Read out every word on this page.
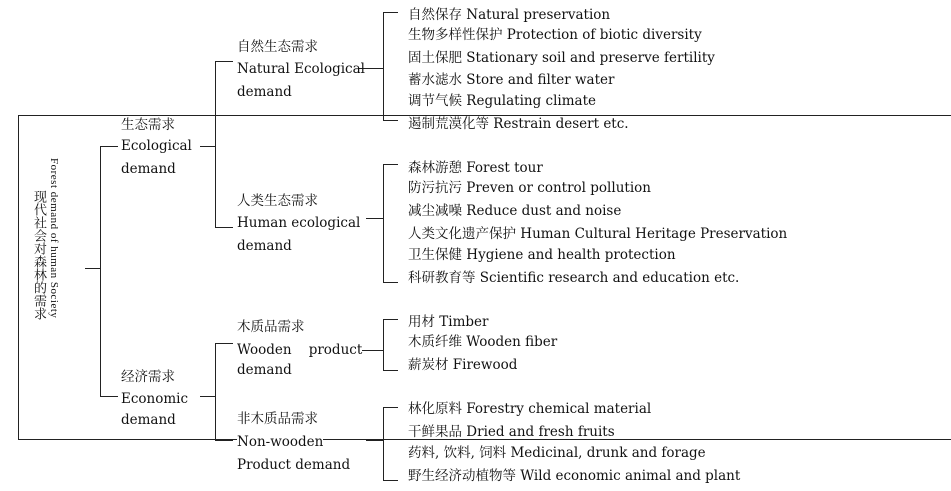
现代社会对森林的需求 Forest demand of human Society
生态需求
Ecological
demand
经济需求
Economic
demand
自然生态需求
Natural Ecological
demand
人类生态需求
Human ecological
demand
木质品需求
Wooden    product
demand
非木质品需求
Non-wooden
Product demand
自然保存 Natural preservation
生物多样性保护 Protection of biotic diversity
固土保肥 Stationary soil and preserve fertility
蓄水滤水 Store and filter water
调节气候 Regulating climate
遏制荒漠化等 Restrain desert etc.
森林游憩 Forest tour
防污抗污 Preven or control pollution
减尘减噪 Reduce dust and noise
人类文化遗产保护 Human Cultural Heritage Preservation
卫生保健 Hygiene and health protection
科研教育等 Scientific research and education etc.
用材 Timber
木质纤维 Wooden fiber
薪炭材 Firewood
林化原料 Forestry chemical material
干鲜果品 Dried and fresh fruits
药料, 饮料, 饲料 Medicinal, drunk and forage
野生经济动植物等 Wild economic animal and plant
